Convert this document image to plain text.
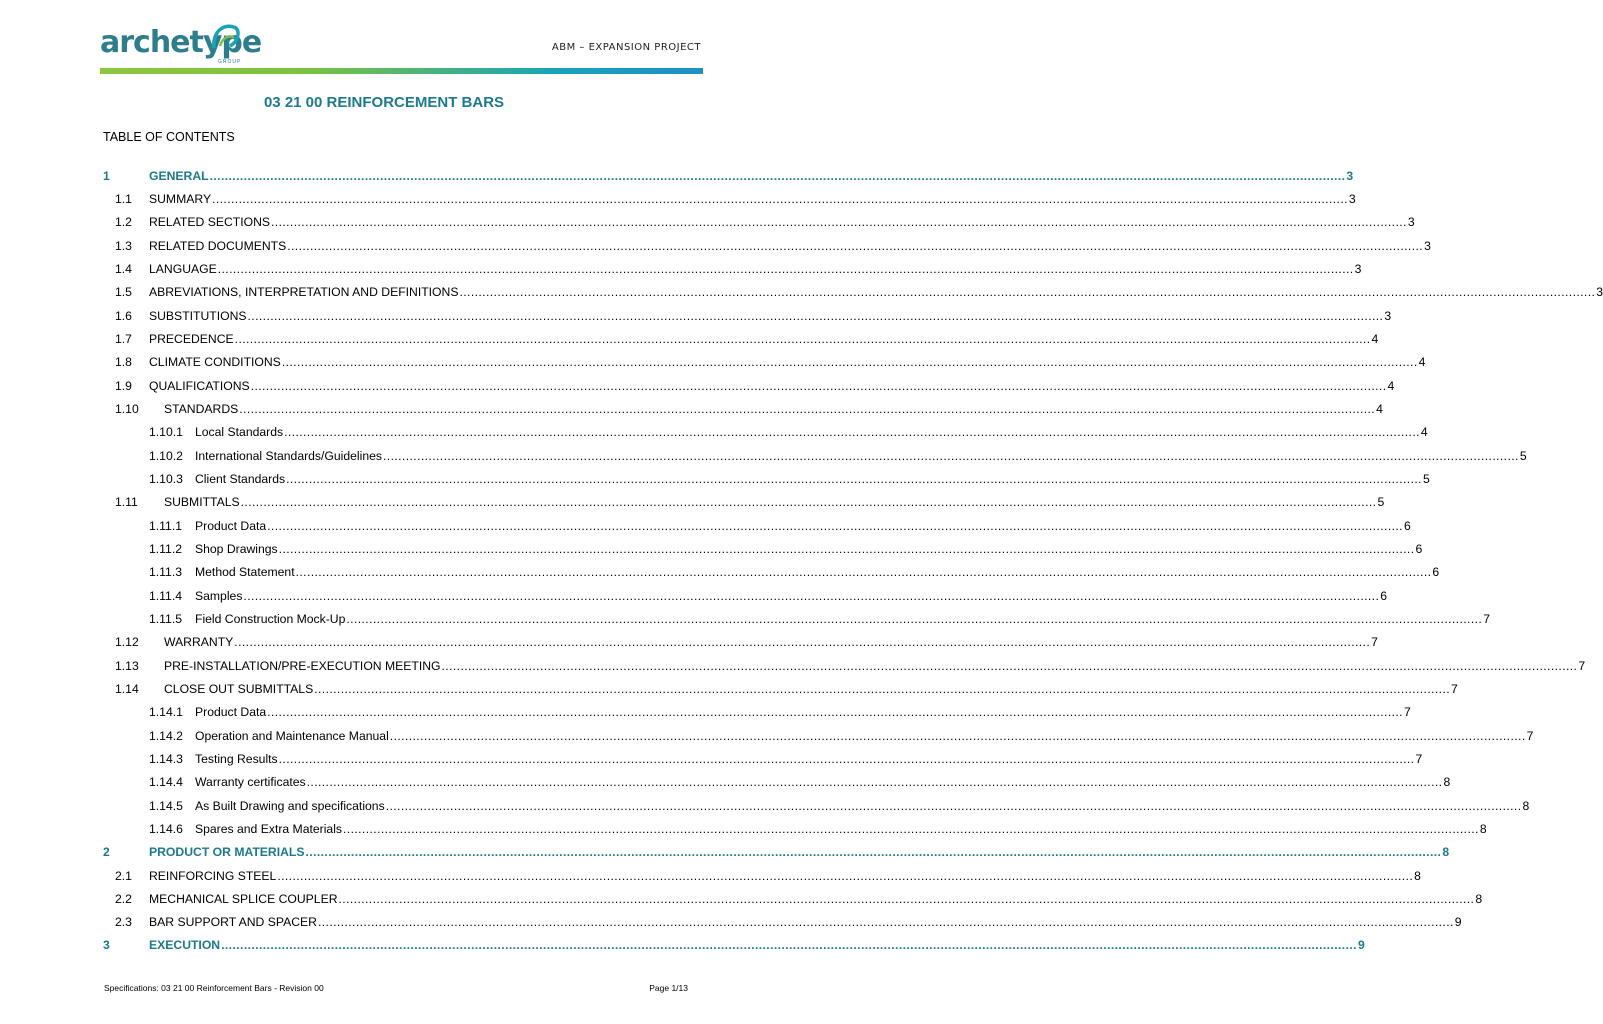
archetype
GROUP
ABM – EXPANSION PROJECT
03 21 00 REINFORCEMENT BARS
TABLE OF CONTENTS
1	GENERAL ............................................................................................................................................................................................................................................................................................................ 3
1.1	SUMMARY ............................................................................................................................................................................................................................................................................................................ 3
1.2	RELATED SECTIONS ............................................................................................................................................................................................................................................................................................................ 3
1.3	RELATED DOCUMENTS ............................................................................................................................................................................................................................................................................................................ 3
1.4	LANGUAGE ............................................................................................................................................................................................................................................................................................................ 3
1.5	ABREVIATIONS, INTERPRETATION AND DEFINITIONS ............................................................................................................................................................................................................................................................................................................ 3
1.6	SUBSTITUTIONS ............................................................................................................................................................................................................................................................................................................ 3
1.7	PRECEDENCE ............................................................................................................................................................................................................................................................................................................ 4
1.8	CLIMATE CONDITIONS ............................................................................................................................................................................................................................................................................................................ 4
1.9	QUALIFICATIONS ............................................................................................................................................................................................................................................................................................................ 4
1.10	STANDARDS ............................................................................................................................................................................................................................................................................................................ 4
1.10.1 Local Standards ............................................................................................................................................................................................................................................................................................................ 4
1.10.2 International Standards/Guidelines ............................................................................................................................................................................................................................................................................................................ 5
1.10.3 Client Standards ............................................................................................................................................................................................................................................................................................................ 5
1.11	SUBMITTALS ............................................................................................................................................................................................................................................................................................................ 5
1.11.1	Product Data ............................................................................................................................................................................................................................................................................................................ 6
1.11.2	Shop Drawings ............................................................................................................................................................................................................................................................................................................ 6
1.11.3	Method Statement ............................................................................................................................................................................................................................................................................................................ 6
1.11.4	Samples ............................................................................................................................................................................................................................................................................................................ 6
1.11.5	Field Construction Mock-Up ............................................................................................................................................................................................................................................................................................................ 7
1.12	WARRANTY ............................................................................................................................................................................................................................................................................................................ 7
1.13	PRE-INSTALLATION/PRE-EXECUTION MEETING ............................................................................................................................................................................................................................................................................................................ 7
1.14	CLOSE OUT SUBMITTALS ............................................................................................................................................................................................................................................................................................................ 7
1.14.1 Product Data ............................................................................................................................................................................................................................................................................................................ 7
1.14.2 Operation and Maintenance Manual ............................................................................................................................................................................................................................................................................................................ 7
1.14.3 Testing Results ............................................................................................................................................................................................................................................................................................................ 7
1.14.4 Warranty certificates ............................................................................................................................................................................................................................................................................................................ 8
1.14.5 As Built Drawing and specifications ............................................................................................................................................................................................................................................................................................................ 8
1.14.6 Spares and Extra Materials ............................................................................................................................................................................................................................................................................................................ 8
2	PRODUCT OR MATERIALS ............................................................................................................................................................................................................................................................................................................ 8
2.1	REINFORCING STEEL ............................................................................................................................................................................................................................................................................................................ 8
2.2	MECHANICAL SPLICE COUPLER ............................................................................................................................................................................................................................................................................................................ 8
2.3	BAR SUPPORT AND SPACER ............................................................................................................................................................................................................................................................................................................ 9
3	EXECUTION ............................................................................................................................................................................................................................................................................................................ 9
Specifications: 03 21 00 Reinforcement Bars - Revision 00	Page 1/13
